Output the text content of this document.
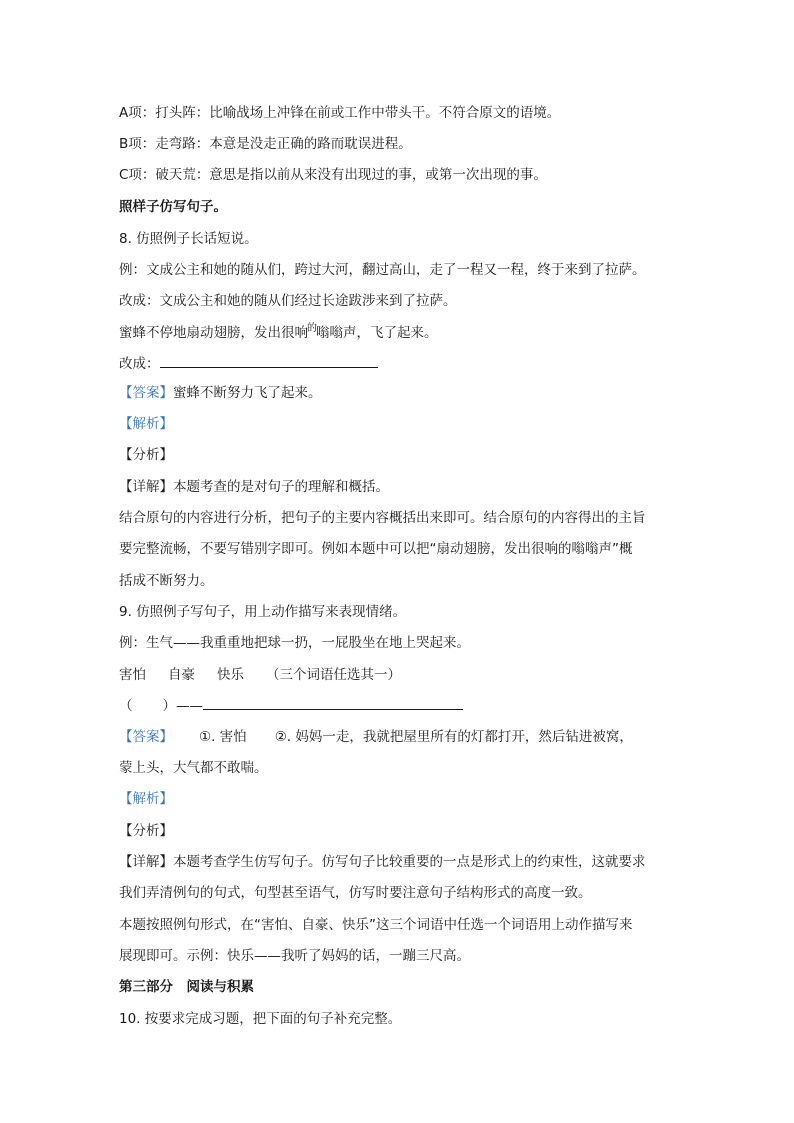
A项：打头阵：比喻战场上冲锋在前或工作中带头干。不符合原文的语境。
B项：走弯路：本意是没走正确的路而耽误进程。
C项：破天荒：意思是指以前从来没有出现过的事，或第一次出现的事。
照样子仿写句子。
8. 仿照例子长话短说。
例：文成公主和她的随从们，跨过大河，翻过高山，走了一程又一程，终于来到了拉萨。
改成：文成公主和她的随从们经过长途跋涉来到了拉萨。
蜜蜂不停地扇动翅膀，发出很响$^的$嗡嗡声，飞了起来。
改成：
【答案】蜜蜂不断努力飞了起来。
【解析】
【分析】
【详解】本题考查的是对句子的理解和概括。
结合原句的内容进行分析，把句子的主要内容概括出来即可。结合原句的内容得出的主旨
要完整流畅，不要写错别字即可。例如本题中可以把“扇动翅膀，发出很响的嗡嗡声”概
括成不断努力。
9. 仿照例子写句子，用上动作描写来表现情绪。
例：生气——我重重地把球一扔，一屁股坐在地上哭起来。
害怕 自豪 快乐 （三个词语任选其一）
（ ）——
【答案】 ①. 害怕 ②. 妈妈一走，我就把屋里所有的灯都打开，然后钻进被窝，
蒙上头，大气都不敢喘。
【解析】
【分析】
【详解】本题考查学生仿写句子。仿写句子比较重要的一点是形式上的约束性，这就要求
我们弄清例句的句式，句型甚至语气，仿写时要注意句子结构形式的高度一致。
本题按照例句形式，在“害怕、自豪、快乐”这三个词语中任选一个词语用上动作描写来
展现即可。示例：快乐——我听了妈妈的话，一蹦三尺高。
第三部分　阅读与积累
10. 按要求完成习题，把下面的句子补充完整。
